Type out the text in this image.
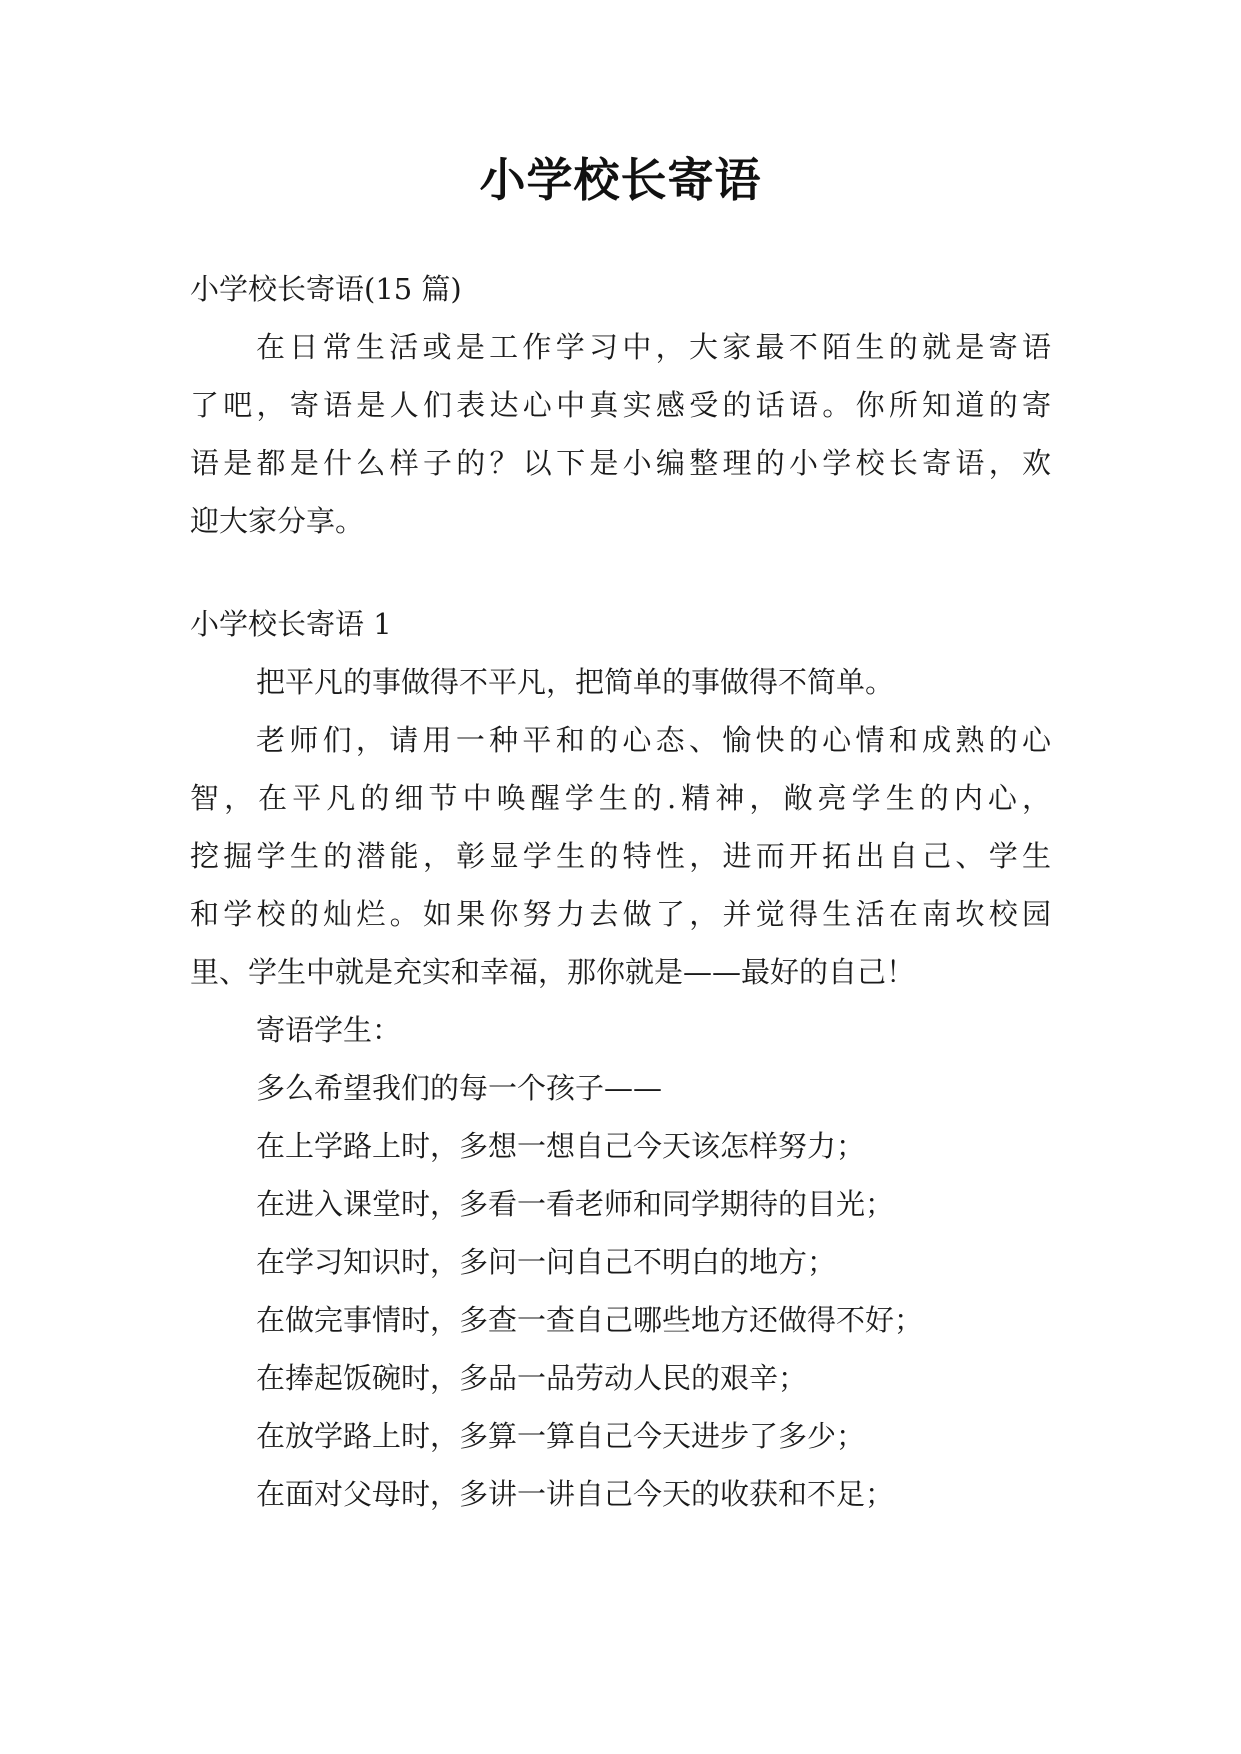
小学校长寄语
小学校长寄语(15 篇)
在日常生活或是工作学习中，大家最不陌生的就是寄语
了吧，寄语是人们表达心中真实感受的话语。你所知道的寄
语是都是什么样子的？以下是小编整理的小学校长寄语，欢
迎大家分享。
小学校长寄语 1
把平凡的事做得不平凡，把简单的事做得不简单。
老师们，请用一种平和的心态、愉快的心情和成熟的心
智，在平凡的细节中唤醒学生的.精神，敞亮学生的内心，
挖掘学生的潜能，彰显学生的特性，进而开拓出自己、学生
和学校的灿烂。如果你努力去做了，并觉得生活在南坎校园
里、学生中就是充实和幸福，那你就是——最好的自己！
寄语学生：
多么希望我们的每一个孩子——
在上学路上时，多想一想自己今天该怎样努力；
在进入课堂时，多看一看老师和同学期待的目光；
在学习知识时，多问一问自己不明白的地方；
在做完事情时，多查一查自己哪些地方还做得不好；
在捧起饭碗时，多品一品劳动人民的艰辛；
在放学路上时，多算一算自己今天进步了多少；
在面对父母时，多讲一讲自己今天的收获和不足；
